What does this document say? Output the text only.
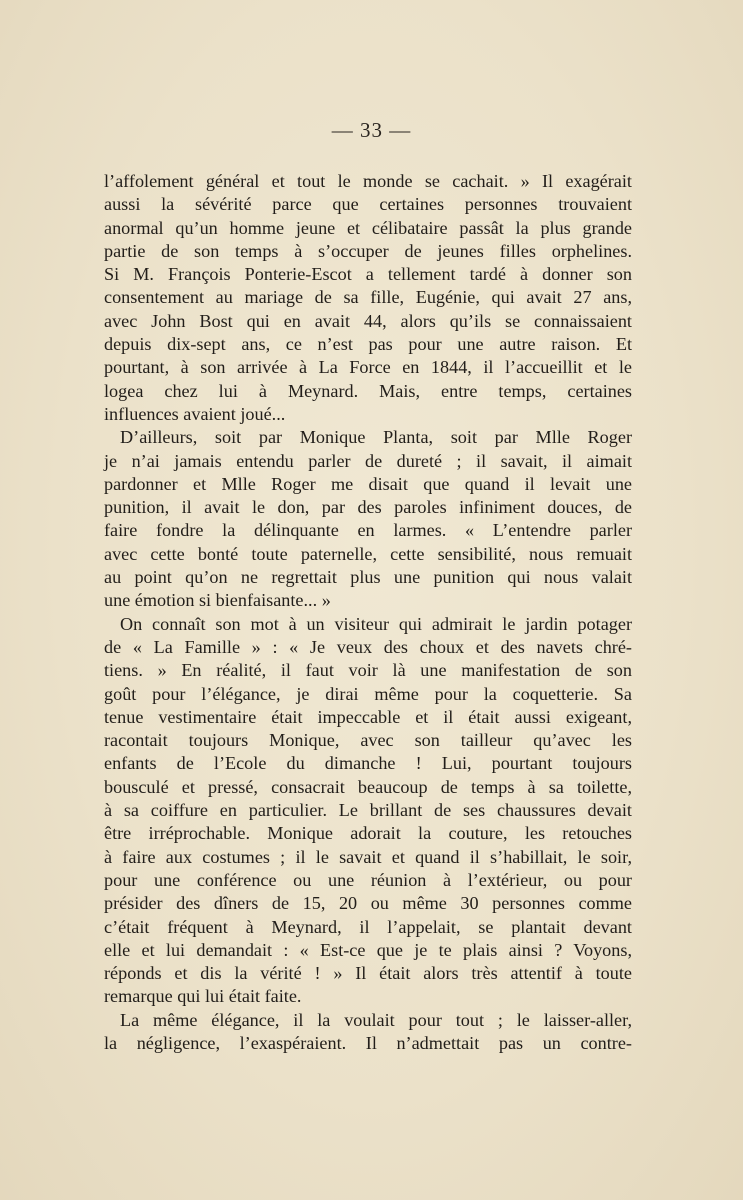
— 33 —
l’affolement général et tout le monde se cachait. » Il exagérait
aussi la sévérité parce que certaines personnes trouvaient
anormal qu’un homme jeune et célibataire passât la plus grande
partie de son temps à s’occuper de jeunes filles orphelines.
Si M. François Ponterie-Escot a tellement tardé à donner son
consentement au mariage de sa fille, Eugénie, qui avait 27 ans,
avec John Bost qui en avait 44, alors qu’ils se connaissaient
depuis dix-sept ans, ce n’est pas pour une autre raison. Et
pourtant, à son arrivée à La Force en 1844, il l’accueillit et le
logea chez lui à Meynard. Mais, entre temps, certaines
influences avaient joué...
D’ailleurs, soit par Monique Planta, soit par Mlle Roger
je n’ai jamais entendu parler de dureté ; il savait, il aimait
pardonner et Mlle Roger me disait que quand il levait une
punition, il avait le don, par des paroles infiniment douces, de
faire fondre la délinquante en larmes. « L’entendre parler
avec cette bonté toute paternelle, cette sensibilité, nous remuait
au point qu’on ne regrettait plus une punition qui nous valait
une émotion si bienfaisante... »
On connaît son mot à un visiteur qui admirait le jardin potager
de « La Famille » : « Je veux des choux et des navets chré-
tiens. » En réalité, il faut voir là une manifestation de son
goût pour l’élégance, je dirai même pour la coquetterie. Sa
tenue vestimentaire était impeccable et il était aussi exigeant,
racontait toujours Monique, avec son tailleur qu’avec les
enfants de l’Ecole du dimanche ! Lui, pourtant toujours
bousculé et pressé, consacrait beaucoup de temps à sa toilette,
à sa coiffure en particulier. Le brillant de ses chaussures devait
être irréprochable. Monique adorait la couture, les retouches
à faire aux costumes ; il le savait et quand il s’habillait, le soir,
pour une conférence ou une réunion à l’extérieur, ou pour
présider des dîners de 15, 20 ou même 30 personnes comme
c’était fréquent à Meynard, il l’appelait, se plantait devant
elle et lui demandait : « Est-ce que je te plais ainsi ? Voyons,
réponds et dis la vérité ! » Il était alors très attentif à toute
remarque qui lui était faite.
La même élégance, il la voulait pour tout ; le laisser-aller,
la négligence, l’exaspéraient. Il n’admettait pas un contre-
